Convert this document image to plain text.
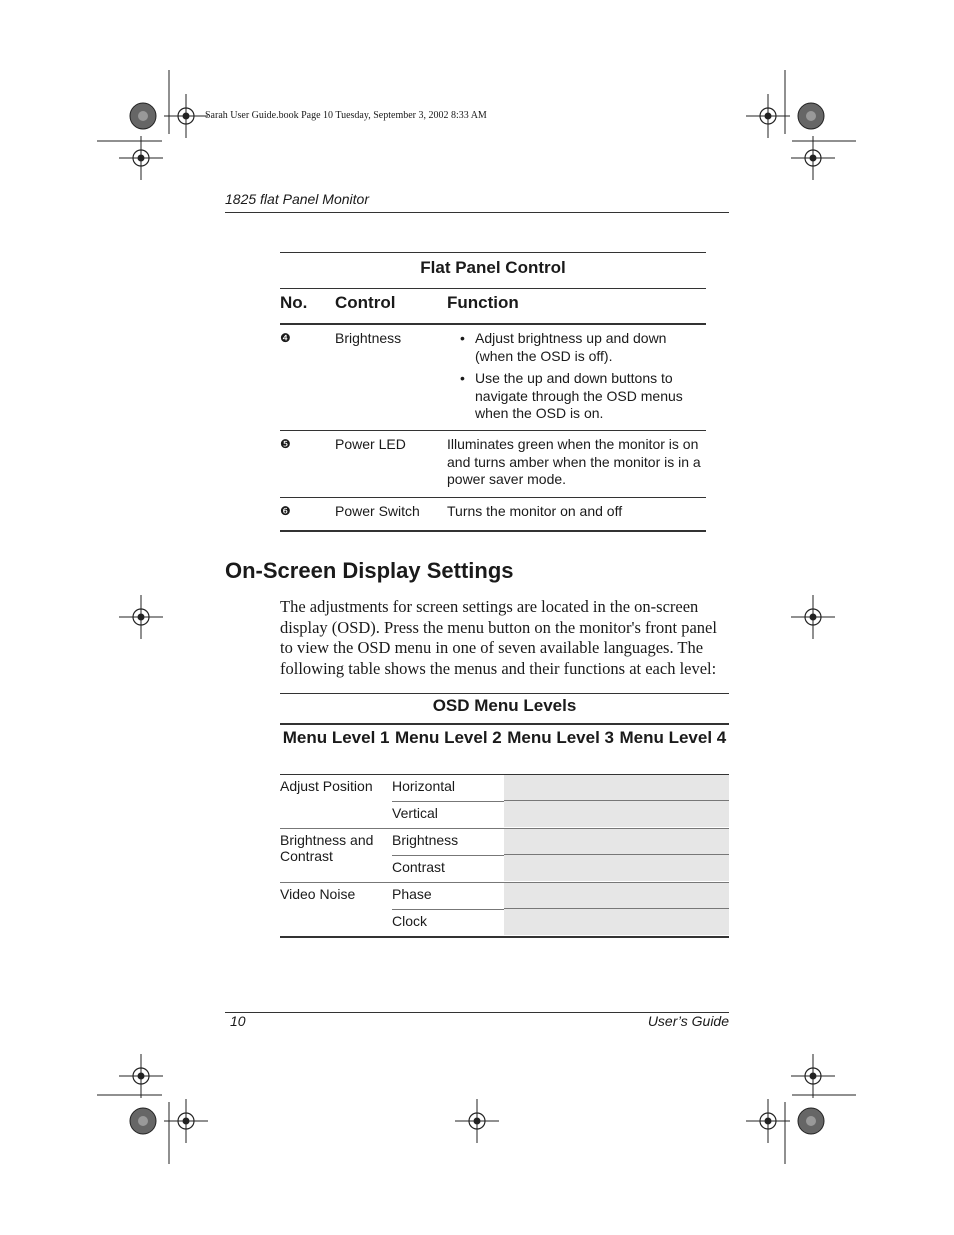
Sarah User Guide.book Page 10 Tuesday, September 3, 2002 8:33 AM
1825 flat Panel Monitor
Flat Panel Control
No. Control	Function
❹	Brightness
•	Adjust brightness up and down (when the OSD is off).
• Use the up and down buttons to navigate through the OSD menus when the OSD is on.
❺	Power LED	Illuminates green when the monitor is on and turns amber when the monitor is in a power saver mode.
❻	Power Switch Turns the monitor on and off
On-Screen Display Settings
The adjustments for screen settings are located in the on-screen display (OSD). Press the menu button on the monitor's front panel to view the OSD menu in one of seven available languages. The following table shows the menus and their functions at each level:
OSD Menu Levels
Menu Level 1 Menu Level 2 Menu Level 3 Menu Level 4
Adjust Position	Horizontal
Vertical
Brightness and Contrast
Brightness
Contrast
Video Noise	Phase
Clock
10	User’s Guide
